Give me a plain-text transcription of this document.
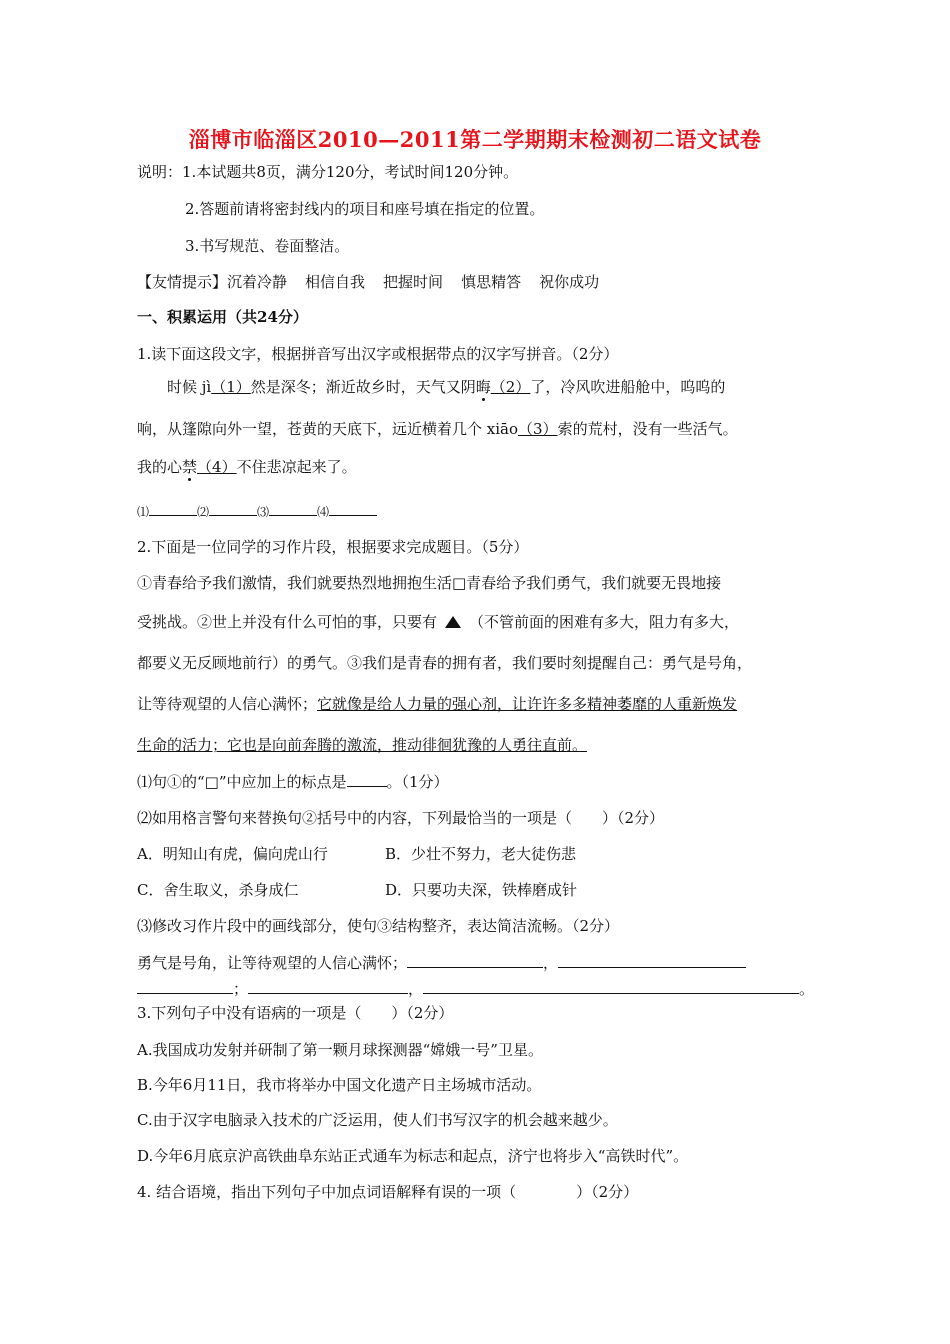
淄博市临淄区2010—2011第二学期期末检测初二语文试卷
说明：1.本试题共8页，满分120分，考试时间120分钟。
2.答题前请将密封线内的项目和座号填在指定的位置。
3.书写规范、卷面整洁。
【友情提示】沉着冷静 相信自我 把握时间 慎思精答 祝你成功
一、积累运用（共24分）
1.读下面这段文字，根据拼音写出汉字或根据带点的汉字写拼音。（2分）
时候 jì（1）然是深冬；渐近故乡时，天气又阴晦（2）了，冷风吹进船舱中，呜呜的
响，从篷隙向外一望，苍黄的天底下，远近横着几个 xiāo（3）索的荒村，没有一些活气。
我的心禁（4）不住悲凉起来了。
⑴	⑵	⑶	⑷
2.下面是一位同学的习作片段，根据要求完成题目。（5分）
①青春给予我们激情，我们就要热烈地拥抱生活□青春给予我们勇气，我们就要无畏地接
受挑战。②世上并没有什么可怕的事，只要有 （不管前面的困难有多大，阻力有多大，
都要义无反顾地前行）的勇气。③我们是青春的拥有者，我们要时刻提醒自己：勇气是号角，
让等待观望的人信心满怀；它就像是给人力量的强心剂，让许许多多精神萎靡的人重新焕发
生命的活力；它也是向前奔腾的激流，推动徘徊犹豫的人勇往直前。
⑴句①的“□”中应加上的标点是	。（1分）
⑵如用格言警句来替换句②括号中的内容，下列最恰当的一项是（　　）（2分）
A．明知山有虎，偏向虎山行	B．少壮不努力，老大徒伤悲
C．舍生取义，杀身成仁	D．只要功夫深，铁棒磨成针
⑶修改习作片段中的画线部分，使句③结构整齐，表达简洁流畅。（2分）
勇气是号角，让等待观望的人信心满怀；	，
；	，	。
3.下列句子中没有语病的一项是（　　）（2分）
A.我国成功发射并研制了第一颗月球探测器“嫦娥一号”卫星。
B.今年6月11日，我市将举办中国文化遗产日主场城市活动。
C.由于汉字电脑录入技术的广泛运用，使人们书写汉字的机会越来越少。
D.今年6月底京沪高铁曲阜东站正式通车为标志和起点，济宁也将步入“高铁时代”。
4. 结合语境，指出下列句子中加点词语解释有误的一项（　　　　）（2分）
